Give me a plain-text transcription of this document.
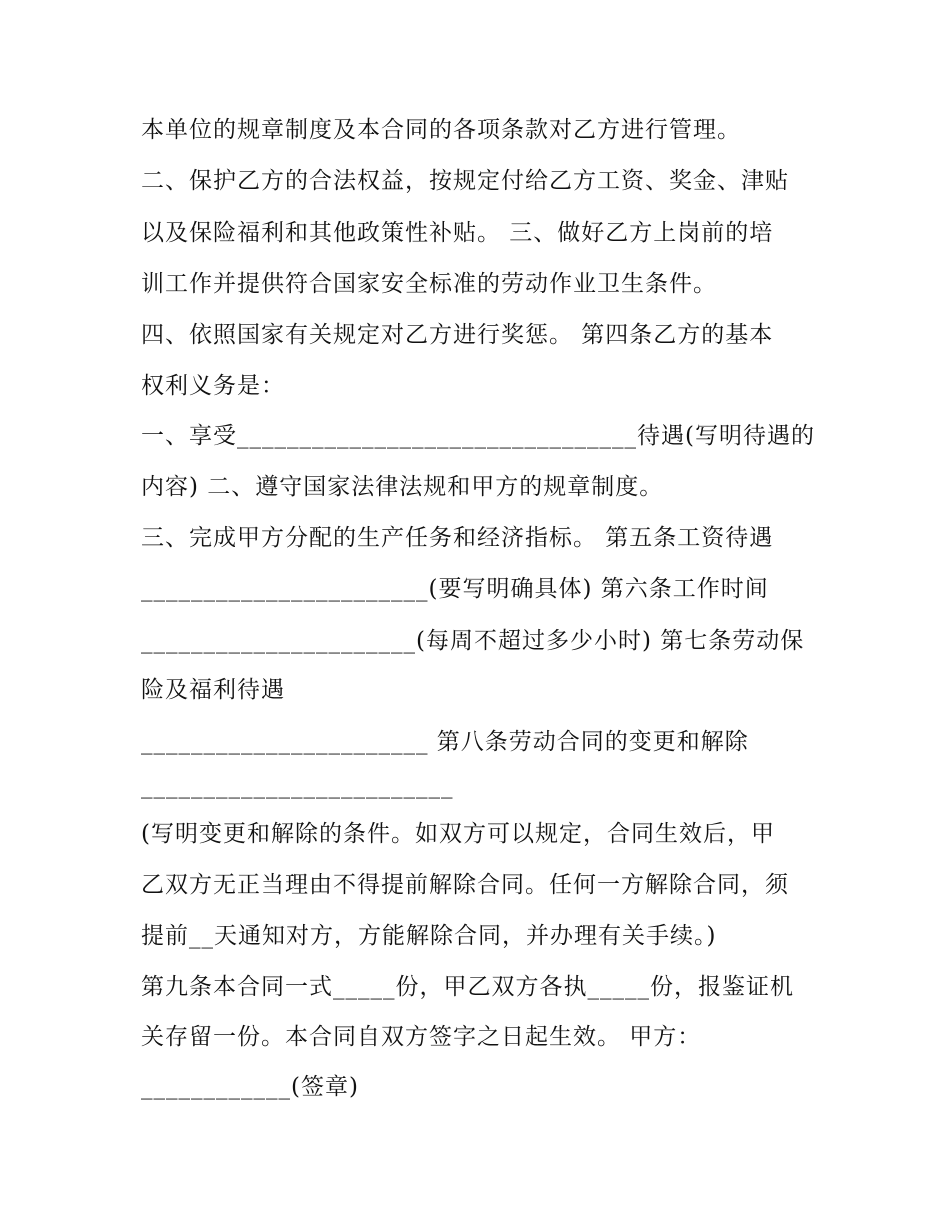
本单位的规章制度及本合同的各项条款对乙方进行管理。

二、保护乙方的合法权益，按规定付给乙方工资、奖金、津贴

以及保险福利和其他政策性补贴。 三、做好乙方上岗前的培

训工作并提供符合国家安全标准的劳动作业卫生条件。

四、依照国家有关规定对乙方进行奖惩。 第四条乙方的基本

权利义务是：

一、享受________________________________待遇(写明待遇的

内容) 二、遵守国家法律法规和甲方的规章制度。

三、完成甲方分配的生产任务和经济指标。 第五条工资待遇

_______________________(要写明确具体) 第六条工作时间

______________________(每周不超过多少小时) 第七条劳动保

险及福利待遇

_______________________ 第八条劳动合同的变更和解除

_________________________

(写明变更和解除的条件。如双方可以规定，合同生效后，甲

乙双方无正当理由不得提前解除合同。任何一方解除合同，须

提前__天通知对方，方能解除合同，并办理有关手续。)

第九条本合同一式_____份，甲乙双方各执_____份，报鉴证机

关存留一份。本合同自双方签字之日起生效。 甲方：

____________(签章)
